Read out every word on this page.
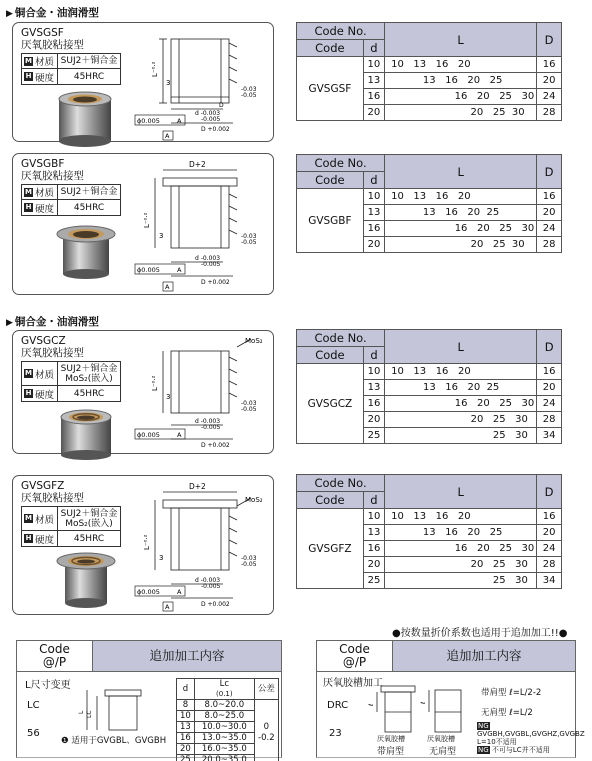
▶ 铜合金・油润滑型
▶ 铜合金・油润滑型
GVSGSF
厌氧胶粘接型
M 材质 SUJ2＋铜合金
H 硬度	45HRC	L⁻⁰·²
3
-0.03
-0.05
D
d -0.003
-0.005
D +0.002
ϕ0.005	A
A
GVSGBF
厌氧胶粘接型
M 材质 SUJ2＋铜合金
H 硬度	45HRC
D+2
L⁻⁰·²
3	-0.03
-0.05
d -0.003
-0.005
D +0.002
ϕ0.005	A
A
GVSGCZ
厌氧胶粘接型
M 材质
SUJ2＋铜合金
MoS₂(嵌入)
H 硬度	45HRC
MoS₂
L⁻⁰·²
3
-0.03
-0.05
d -0.003
-0.005
D +0.002
ϕ0.005	A
GVSGFZ
厌氧胶粘接型
M 材质
SUJ2＋铜合金
MoS₂(嵌入)
H 硬度	45HRC
D+2
MoS₂
L⁻⁰·²
3	-0.03
-0.05
d -0.003
-0.005
D +0.002
ϕ0.005	A
A
Code No.		L	D
Code	d		
GVSGSF	10	10   13   16   20	16
	13	13   16   20   25	20
	16	16   20   25   30	24
	20	20   25  30	28
Code No.		L	D
Code	d		
GVSGBF	10	10   13   16   20	16
	13	13   16   20  25	20
	16	16   20   25   30	24
	20	20   25  30	28
Code No.		L	D
Code	d		
GVSGCZ	10	10   13   16   20	16
	13	13   16   20  25	20
	16	16   20   25   30	24
	20	20   25   30	28
	25	25   30	34
Code No.		L	D
Code	d		
GVSGFZ	10	10   13   16   20	16
	13	13   16   20   25	20
	16	16   20   25   30	24
	20	20   25   30	28
	25	25   30	34
●按数量折价系数也适用于追加加工!!●
Code
@/P	追加加工内容
L尺寸变更
LC
56
LC
L
❶ 适用于GVGBL、GVGBH
d	Lc
(0.1)	公差
8	8.0~20.0	0
-0.2

10	8.0~25.0	
13	10.0~30.0	
16	13.0~35.0	
20	16.0~35.0	
25	20.0~35.0	
Code
@/P	追加加工内容
厌氧胶槽加工
DRC
23
ℓ
ℓ
厌氧胶槽	厌氧胶槽
带肩型	无肩型
带肩型 ℓ=L/2-2
无肩型 ℓ=L/2
NG GVGBH,GVGBL,GVGHZ,GVGBZ L=10不适用
NG 不可与LC并不适用
